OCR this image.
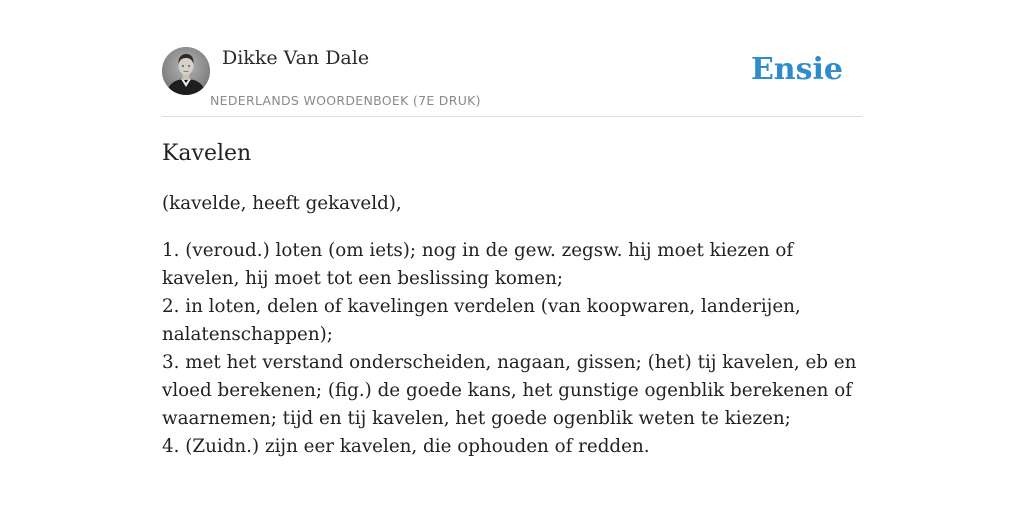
Dikke Van Dale
NEDERLANDS WOORDENBOEK (7E DRUK)
Ensie
Kavelen

(kavelde, heeft gekaveld),

1. (veroud.) loten (om iets); nog in de gew. zegsw. hij moet kiezen of kavelen, hij moet tot een beslissing komen;
2. in loten, delen of kavelingen verdelen (van koopwaren, landerijen, nalatenschappen);
3. met het verstand onderscheiden, nagaan, gissen; (het) tij kavelen, eb en vloed berekenen; (fig.) de goede kans, het gunstige ogenblik berekenen of waarnemen; tijd en tij kavelen, het goede ogenblik weten te kiezen;
4. (Zuidn.) zijn eer kavelen, die ophouden of redden.
